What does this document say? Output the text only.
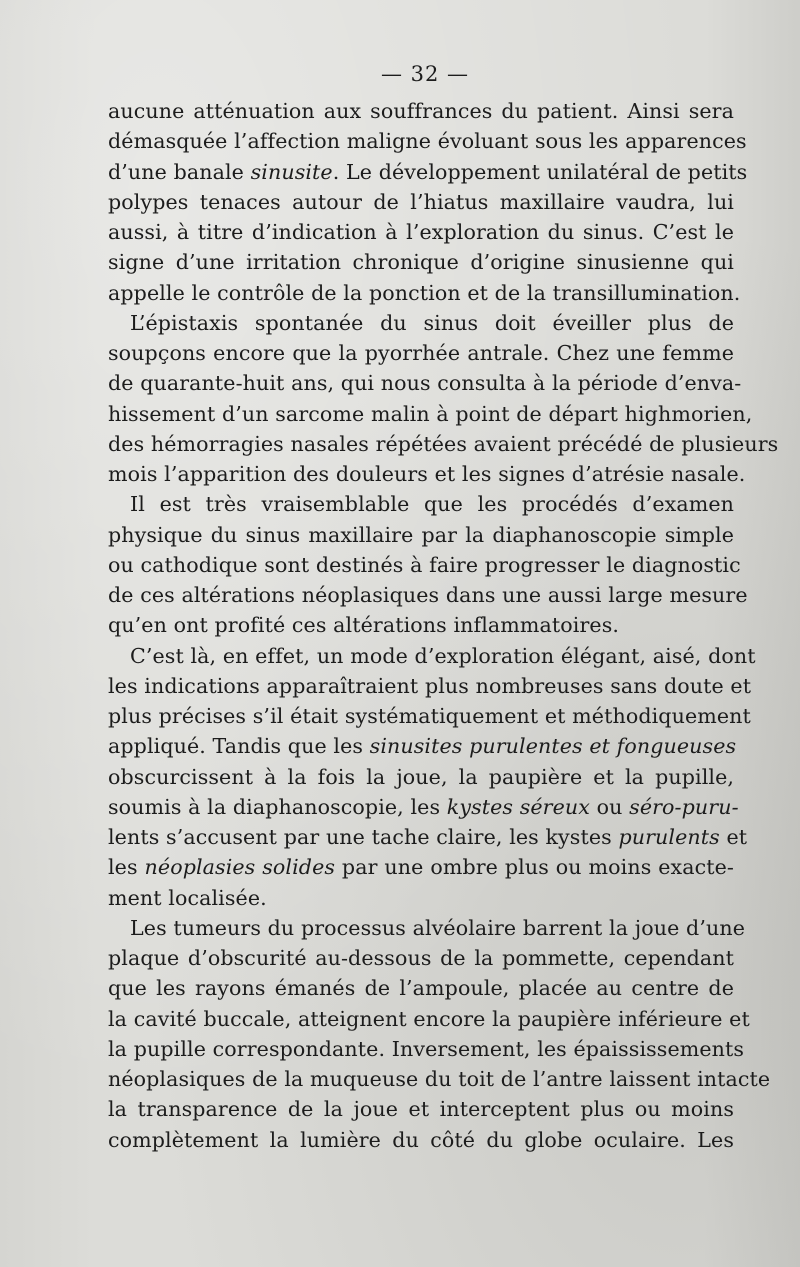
— 32 —

aucune atténuation aux souffrances du patient. Ainsi sera
démasquée l’affection maligne évoluant sous les apparences
d’une banale sinusite. Le développement unilatéral de petits
polypes tenaces autour de l’hiatus maxillaire vaudra, lui
aussi, à titre d’indication à l’exploration du sinus. C’est le
signe d’une irritation chronique d’origine sinusienne qui
appelle le contrôle de la ponction et de la transillumination.

L’épistaxis spontanée du sinus doit éveiller plus de
soupçons encore que la pyorrhée antrale. Chez une femme
de quarante-huit ans, qui nous consulta à la période d’enva-
hissement d’un sarcome malin à point de départ highmorien,
des hémorragies nasales répétées avaient précédé de plusieurs
mois l’apparition des douleurs et les signes d’atrésie nasale.

Il est très vraisemblable que les procédés d’examen
physique du sinus maxillaire par la diaphanoscopie simple
ou cathodique sont destinés à faire progresser le diagnostic
de ces altérations néoplasiques dans une aussi large mesure
qu’en ont profité ces altérations inflammatoires.

C’est là, en effet, un mode d’exploration élégant, aisé, dont
les indications apparaîtraient plus nombreuses sans doute et
plus précises s’il était systématiquement et méthodiquement
appliqué. Tandis que les sinusites purulentes et fongueuses
obscurcissent à la fois la joue, la paupière et la pupille,
soumis à la diaphanoscopie, les kystes séreux ou séro-puru-
lents s’accusent par une tache claire, les kystes purulents et
les néoplasies solides par une ombre plus ou moins exacte-
ment localisée.

Les tumeurs du processus alvéolaire barrent la joue d’une
plaque d’obscurité au-dessous de la pommette, cependant
que les rayons émanés de l’ampoule, placée au centre de
la cavité buccale, atteignent encore la paupière inférieure et
la pupille correspondante. Inversement, les épaississements
néoplasiques de la muqueuse du toit de l’antre laissent intacte
la transparence de la joue et interceptent plus ou moins
complètement la lumière du côté du globe oculaire. Les
